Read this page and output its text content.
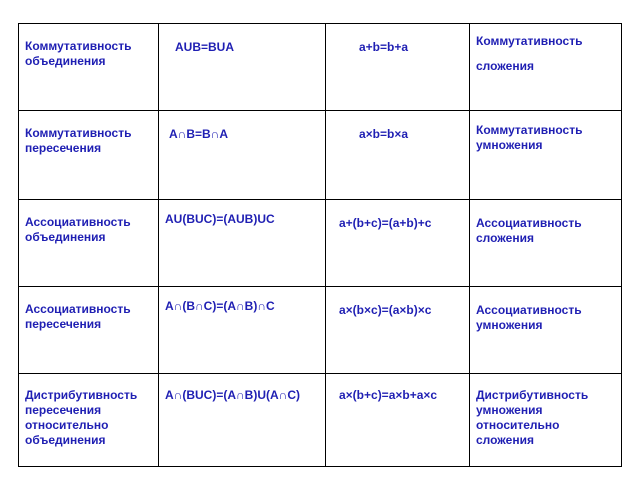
Коммутативность
объединения	AUB=BUA	a+b=b+a	Коммутативность
сложения

Коммутативность
пересечения	A∩B=B∩A	a×b=b×a	Коммутативность
умножения

Ассоциативность
объединения	AU(BUC)=(AUB)UC	a+(b+c)=(a+b)+c	Ассоциативность
сложения

Ассоциативность
пересечения	A∩(B∩C)=(A∩B)∩C	a×(b×c)=(a×b)×c	Ассоциативность
умножения

Дистрибутивность
пересечения
относительно
объединения	A∩(BUC)=(A∩B)U(A∩C)	a×(b+c)=a×b+a×c	Дистрибутивность
умножения
относительно
сложения
